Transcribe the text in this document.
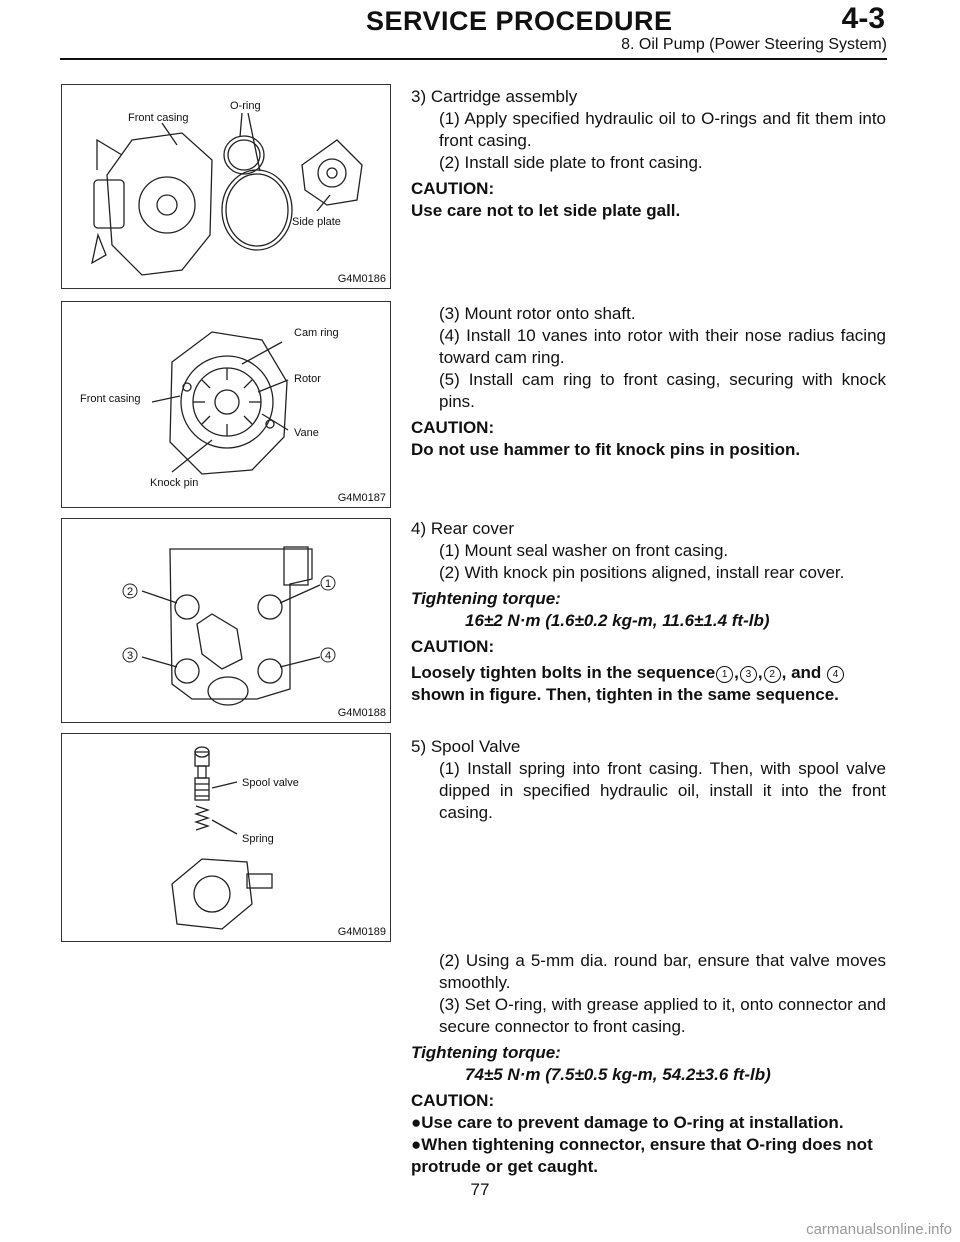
SERVICE PROCEDURE	4-3
8. Oil Pump (Power Steering System)
Front casing
O-ring
Side plate
G4M0186
Cam ring
Rotor
Front casing
Vane
Knock pin
G4M0187
2
1
3	4
G4M0188
Spool valve
Spring
G4M0189

3) Cartridge assembly

(1) Apply specified hydraulic oil to O-rings and fit them into front casing.

(2) Install side plate to front casing.

CAUTION:

Use care not to let side plate gall.

(3) Mount rotor onto shaft.

(4) Install 10 vanes into rotor with their nose radius facing toward cam ring.

(5) Install cam ring to front casing, securing with knock pins.

CAUTION:

Do not use hammer to fit knock pins in position.

4) Rear cover

(1) Mount seal washer on front casing.

(2) With knock pin positions aligned, install rear cover.

Tightening torque:

16±2 N·m (1.6±0.2 kg-m, 11.6±1.4 ft-lb)

CAUTION:

Loosely tighten bolts in the sequence 1 , 3 , 2 , and 4

shown in figure. Then, tighten in the same sequence.

5) Spool Valve

(1) Install spring into front casing. Then, with spool valve dipped in specified hydraulic oil, install it into the front casing.

(2) Using a 5-mm dia. round bar, ensure that valve moves smoothly.

(3) Set O-ring, with grease applied to it, onto connector and secure connector to front casing.

Tightening torque:

74±5 N·m (7.5±0.5 kg-m, 54.2±3.6 ft-lb)

CAUTION:

●Use care to prevent damage to O-ring at installation.

●When tightening connector, ensure that O-ring does not protrude or get caught.

77
carmanualsonline.info
